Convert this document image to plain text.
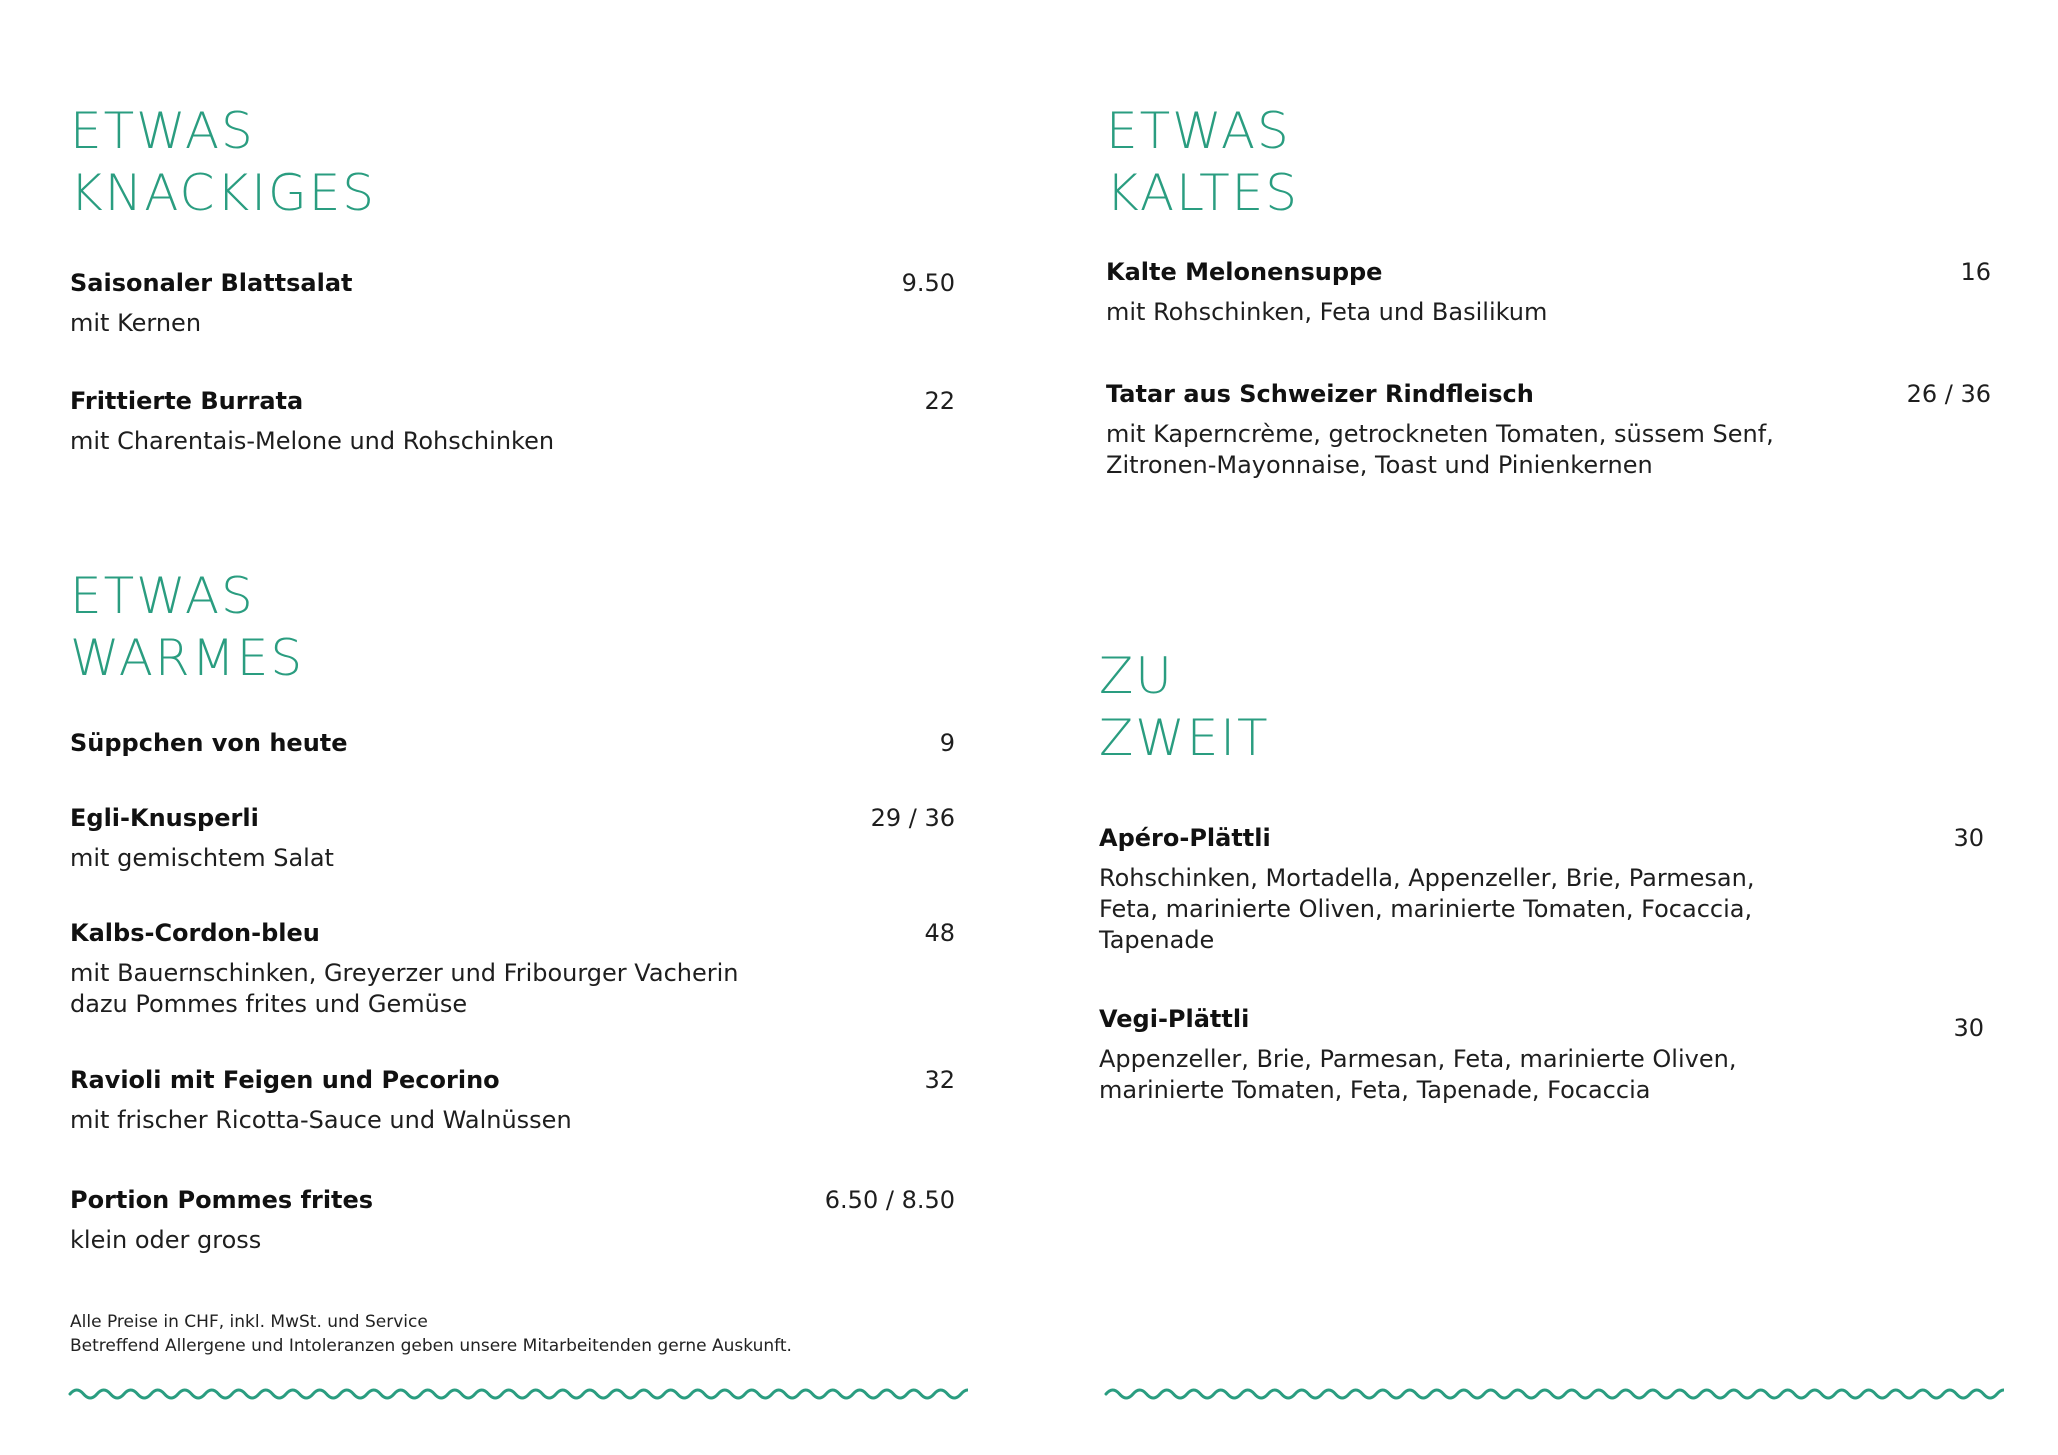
ETWAS
KNACKIGES
Saisonaler Blattsalat
mit Kernen
9.50
Frittierte Burrata
mit Charentais-Melone und Rohschinken
22
ETWAS
WARMES
Süppchen von heute	9
Egli-Knusperli
mit gemischtem Salat
29 / 36
Kalbs-Cordon-bleu
mit Bauernschinken, Greyerzer und Fribourger Vacherin
dazu Pommes frites und Gemüse
48
Ravioli mit Feigen und Pecorino
mit frischer Ricotta-Sauce und Walnüssen
32
Portion Pommes frites
klein oder gross
6.50 / 8.50
Alle Preise in CHF, inkl. MwSt. und Service
Betreffend Allergene und Intoleranzen geben unsere Mitarbeitenden gerne Auskunft.
ETWAS
KALTES
Kalte Melonensuppe
mit Rohschinken, Feta und Basilikum
16
Tatar aus Schweizer Rindfleisch
mit Kaperncrème, getrockneten Tomaten, süssem Senf,
Zitronen-Mayonnaise, Toast und Pinienkernen
26 / 36
ZU
ZWEIT
Apéro-Plättli
Rohschinken, Mortadella, Appenzeller, Brie, Parmesan,
Feta, marinierte Oliven, marinierte Tomaten, Focaccia,
Tapenade
30
Vegi-Plättli
Appenzeller, Brie, Parmesan, Feta, marinierte Oliven,
marinierte Tomaten, Feta, Tapenade, Focaccia
30
